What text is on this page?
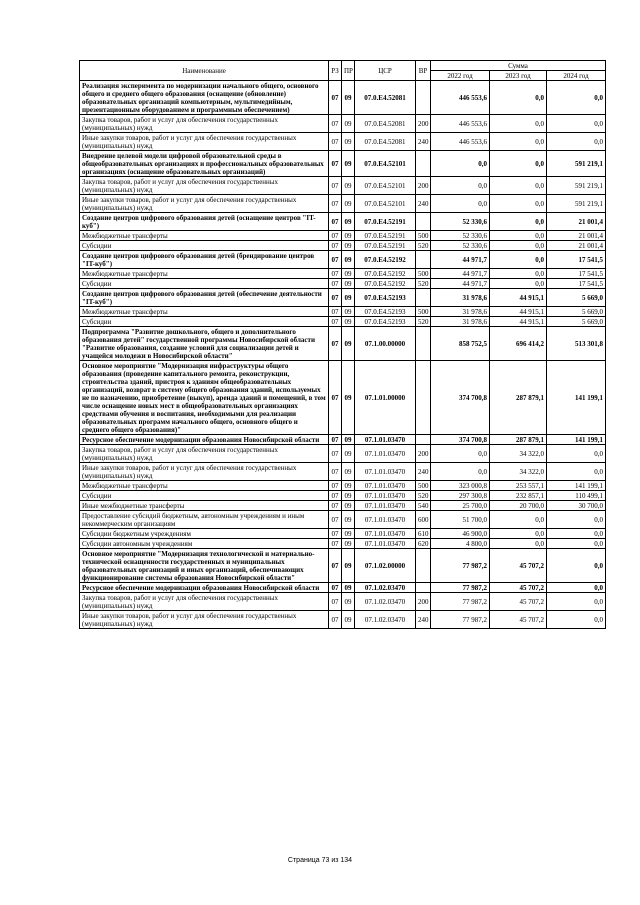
Наименование	РЗ	ПР	ЦСР	ВР	Сумма		
					2022 год	2023 год	2024 год
Реализация эксперимента по модернизации начального общего, основного общего и среднего общего образования (оснащение (обновление) образовательных организаций компьютерным, мультимедийным, презентационным оборудованием и программным обеспечением)	07	09	07.0.E4.52081		446 553,6	0,0	0,0
Закупка товаров, работ и услуг для обеспечения государственных (муниципальных) нужд	07	09	07.0.E4.52081	200	446 553,6	0,0	0,0
Иные закупки товаров, работ и услуг для обеспечения государственных (муниципальных) нужд	07	09	07.0.E4.52081	240	446 553,6	0,0	0,0
Внедрение целевой модели цифровой образовательной среды в общеобразовательных организациях и профессиональных образовательных организациях (оснащение образовательных организаций)	07	09	07.0.E4.52101		0,0	0,0	591 219,1
Закупка товаров, работ и услуг для обеспечения государственных (муниципальных) нужд	07	09	07.0.E4.52101	200	0,0	0,0	591 219,1
Иные закупки товаров, работ и услуг для обеспечения государственных (муниципальных) нужд	07	09	07.0.E4.52101	240	0,0	0,0	591 219,1
Создание центров цифрового образования детей (оснащение центров "IT-куб")	07	09	07.0.E4.52191		52 330,6	0,0	21 001,4
Межбюджетные трансферты	07	09	07.0.E4.52191	500	52 330,6	0,0	21 001,4
Субсидии	07	09	07.0.E4.52191	520	52 330,6	0,0	21 001,4
Создание центров цифрового образования детей (брендирование центров "IT-куб")	07	09	07.0.E4.52192		44 971,7	0,0	17 541,5
Межбюджетные трансферты	07	09	07.0.E4.52192	500	44 971,7	0,0	17 541,5
Субсидии	07	09	07.0.E4.52192	520	44 971,7	0,0	17 541,5
Создание центров цифрового образования детей (обеспечение деятельности "IT-куб")	07	09	07.0.E4.52193		31 978,6	44 915,1	5 669,0
Межбюджетные трансферты	07	09	07.0.E4.52193	500	31 978,6	44 915,1	5 669,0
Субсидии	07	09	07.0.E4.52193	520	31 978,6	44 915,1	5 669,0
Подпрограмма "Развитие дошкольного, общего и дополнительного образования детей" государственной программы Новосибирской области "Развитие образования, создание условий для социализации детей и учащейся молодежи в Новосибирской области"	07	09	07.1.00.00000		858 752,5	696 414,2	513 301,8
Основное мероприятие "Модернизация инфраструктуры общего образования (проведение капитального ремонта, реконструкции, строительства зданий, пристроя к зданиям общеобразовательных организаций, возврат в систему общего образования зданий, используемых не по назначению, приобретение (выкуп), аренда зданий и помещений, в том числе оснащение новых мест в общеобразовательных организациях средствами обучения и воспитания, необходимыми для реализации образовательных программ начального общего, основного общего и среднего общего образования)"	07	09	07.1.01.00000		374 700,8	287 879,1	141 199,1
Ресурсное обеспечение модернизации образования Новосибирской области	07	09	07.1.01.03470		374 700,8	287 879,1	141 199,1
Закупка товаров, работ и услуг для обеспечения государственных (муниципальных) нужд	07	09	07.1.01.03470	200	0,0	34 322,0	0,0
Иные закупки товаров, работ и услуг для обеспечения государственных (муниципальных) нужд	07	09	07.1.01.03470	240	0,0	34 322,0	0,0
Межбюджетные трансферты	07	09	07.1.01.03470	500	323 000,8	253 557,1	141 199,1
Субсидии	07	09	07.1.01.03470	520	297 300,8	232 857,1	110 499,1
Иные межбюджетные трансферты	07	09	07.1.01.03470	540	25 700,0	20 700,0	30 700,0
Предоставление субсидий бюджетным, автономным учреждениям и иным некоммерческим организациям	07	09	07.1.01.03470	600	51 700,0	0,0	0,0
Субсидии бюджетным учреждениям	07	09	07.1.01.03470	610	46 900,0	0,0	0,0
Субсидии автономным учреждениям	07	09	07.1.01.03470	620	4 800,0	0,0	0,0
Основное мероприятие "Модернизация технологической и материально-технической оснащенности государственных и муниципальных образовательных организаций и иных организаций, обеспечивающих функционирование системы образования Новосибирской области"	07	09	07.1.02.00000		77 987,2	45 707,2	0,0
Ресурсное обеспечение модернизации образования Новосибирской области	07	09	07.1.02.03470		77 987,2	45 707,2	0,0
Закупка товаров, работ и услуг для обеспечения государственных (муниципальных) нужд	07	09	07.1.02.03470	200	77 987,2	45 707,2	0,0
Иные закупки товаров, работ и услуг для обеспечения государственных (муниципальных) нужд	07	09	07.1.02.03470	240	77 987,2	45 707,2	0,0
Страница 73 из 134
